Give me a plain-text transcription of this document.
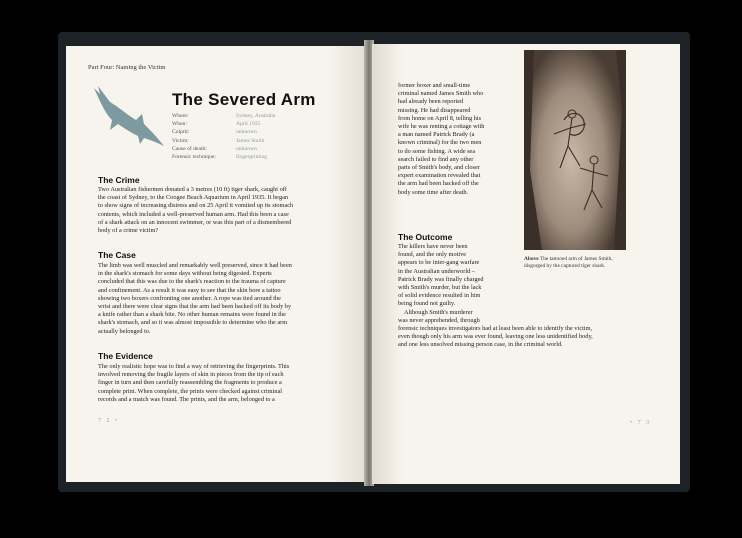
Part Four: Naming the Victim

The Severed Arm
Where:	Sydney, Australia
When:	April 1935
Culprit:	unknown
Victim:	James Smith
Cause of death:	unknown
Forensic technique:	fingerprinting
The Crime
Two Australian fishermen donated a 3 metres (10 ft) tiger shark, caught off
the coast of Sydney, to the Coogee Beach Aquarium in April 1935. It began
to show signs of increasing distress and on 25 April it vomited up its stomach
contents, which included a well-preserved human arm. Had this been a case
of a shark attack on an innocent swimmer, or was this part of a dismembered
body of a crime victim?
The Case
The limb was well muscled and remarkably well preserved, since it had been
in the shark's stomach for some days without being digested. Experts
concluded that this was due to the shark's reaction to the trauma of capture
and confinement. As a result it was easy to see that the skin bore a tattoo
showing two boxers confronting one another. A rope was tied around the
wrist and there were clear signs that the arm had been hacked off its body by
a knife rather than a shark bite. No other human remains were found in the
shark's stomach, and so it was almost impossible to determine who the arm
actually belonged to.
The Evidence
The only realistic hope was to find a way of retrieving the fingerprints. This
involved removing the fragile layers of skin in pieces from the tip of each
finger in turn and then carefully reassembling the fragments to produce a
complete print. When complete, the prints were checked against criminal
records and a match was found. The prints, and the arm, belonged to a
7 2 •
former boxer and small-time
criminal named James Smith who
had already been reported
missing. He had disappeared
from home on April 8, telling his
wife he was renting a cottage with
a man named Patrick Brady (a
known criminal) for the two men
to do some fishing. A wide sea
search failed to find any other
parts of Smith's body, and closer
expert examination revealed that
the arm had been hacked off the
body some time after death.
The Outcome
The killers have never been
found, and the only motive
appears to be inter-gang warfare
in the Australian underworld –
Patrick Brady was finally charged
with Smith's murder, but the lack
of solid evidence resulted in him
being found not guilty.
Although Smith's murderer
was never apprehended, through
forensic techniques investigators had at least been able to identify the victim,
even though only his arm was ever found, leaving one less unidentified body,
and one less unsolved missing person case, in the criminal world.
Above The tattooed arm of James Smith,
disgorged by the captured tiger shark.
• 7 3
